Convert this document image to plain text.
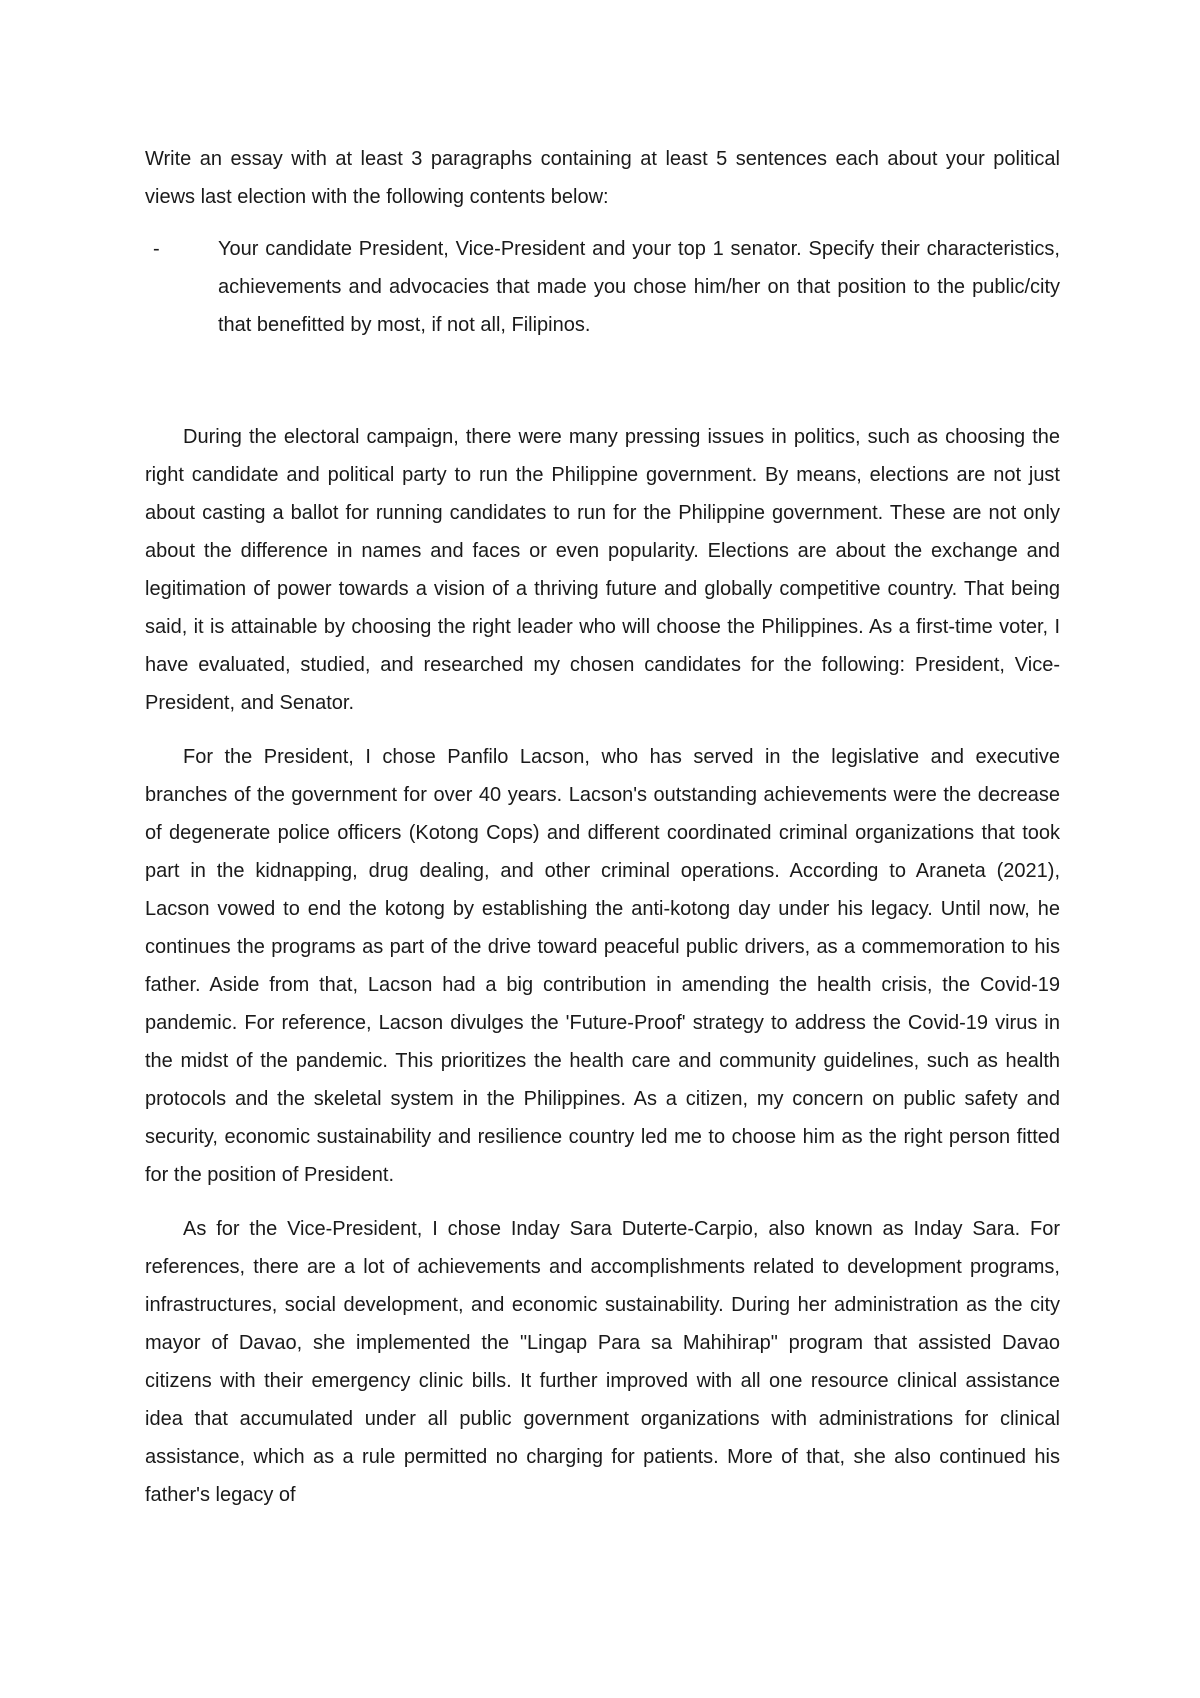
Write an essay with at least 3 paragraphs containing at least 5 sentences each about your political views last election with the following contents below:

-	Your candidate President, Vice-President and your top 1 senator. Specify their characteristics, achievements and advocacies that made you chose him/her on that position to the public/city that benefitted by most, if not all, Filipinos.

During the electoral campaign, there were many pressing issues in politics, such as choosing the right candidate and political party to run the Philippine government. By means, elections are not just about casting a ballot for running candidates to run for the Philippine government. These are not only about the difference in names and faces or even popularity. Elections are about the exchange and legitimation of power towards a vision of a thriving future and globally competitive country. That being said, it is attainable by choosing the right leader who will choose the Philippines. As a first-time voter, I have evaluated, studied, and researched my chosen candidates for the following: President, Vice-President, and Senator.

For the President, I chose Panfilo Lacson, who has served in the legislative and executive branches of the government for over 40 years. Lacson's outstanding achievements were the decrease of degenerate police officers (Kotong Cops) and different coordinated criminal organizations that took part in the kidnapping, drug dealing, and other criminal operations. According to Araneta (2021), Lacson vowed to end the kotong by establishing the anti-kotong day under his legacy. Until now, he continues the programs as part of the drive toward peaceful public drivers, as a commemoration to his father. Aside from that, Lacson had a big contribution in amending the health crisis, the Covid-19 pandemic. For reference, Lacson divulges the 'Future-Proof' strategy to address the Covid-19 virus in the midst of the pandemic. This prioritizes the health care and community guidelines, such as health protocols and the skeletal system in the Philippines. As a citizen, my concern on public safety and security, economic sustainability and resilience country led me to choose him as the right person fitted for the position of President.

As for the Vice-President, I chose Inday Sara Duterte-Carpio, also known as Inday Sara. For references, there are a lot of achievements and accomplishments related to development programs, infrastructures, social development, and economic sustainability. During her administration as the city mayor of Davao, she implemented the "Lingap Para sa Mahihirap" program that assisted Davao citizens with their emergency clinic bills. It further improved with all one resource clinical assistance idea that accumulated under all public government organizations with administrations for clinical assistance, which as a rule permitted no charging for patients. More of that, she also continued his father's legacy of
